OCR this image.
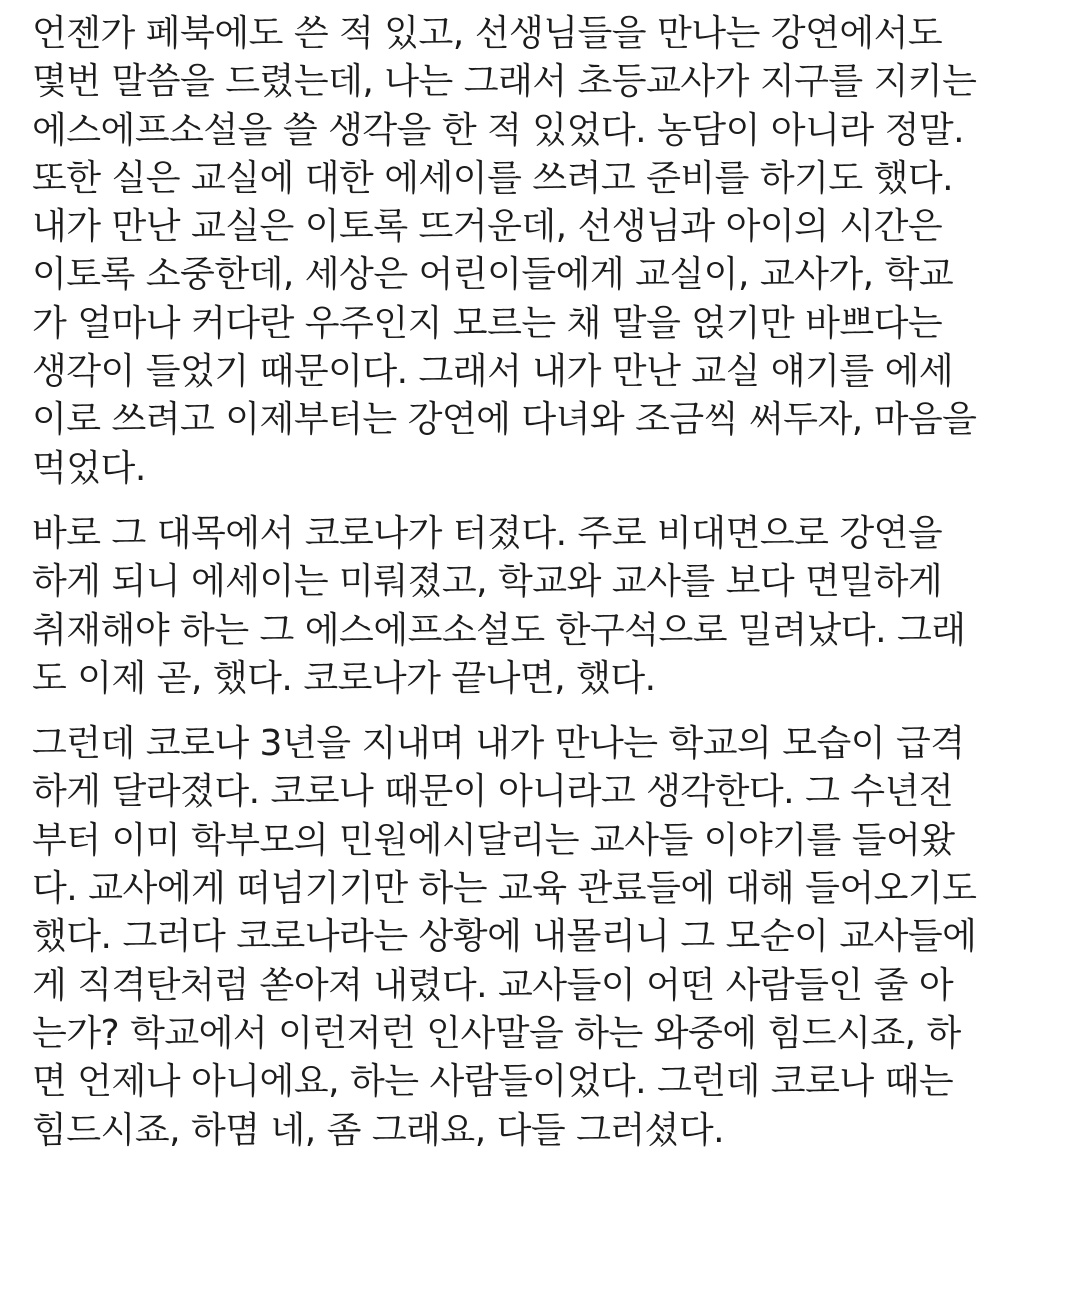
언젠가 페북에도 쓴 적 있고, 선생님들을 만나는 강연에서도
몇번 말씀을 드렸는데, 나는 그래서 초등교사가 지구를 지키는
에스에프소설을 쓸 생각을 한 적 있었다. 농담이 아니라 정말.
또한 실은 교실에 대한 에세이를 쓰려고 준비를 하기도 했다.
내가 만난 교실은 이토록 뜨거운데, 선생님과 아이의 시간은
이토록 소중한데, 세상은 어린이들에게 교실이, 교사가, 학교
가 얼마나 커다란 우주인지 모르는 채 말을 얹기만 바쁘다는
생각이 들었기 때문이다. 그래서 내가 만난 교실 얘기를 에세
이로 쓰려고 이제부터는 강연에 다녀와 조금씩 써두자, 마음을
먹었다.
바로 그 대목에서 코로나가 터졌다. 주로 비대면으로 강연을
하게 되니 에세이는 미뤄졌고, 학교와 교사를 보다 면밀하게
취재해야 하는 그 에스에프소설도 한구석으로 밀려났다. 그래
도 이제 곧, 했다. 코로나가 끝나면, 했다.
그런데 코로나 3년을 지내며 내가 만나는 학교의 모습이 급격
하게 달라졌다. 코로나 때문이 아니라고 생각한다. 그 수년전
부터 이미 학부모의 민원에시달리는 교사들 이야기를 들어왔
다. 교사에게 떠넘기기만 하는 교육 관료들에 대해 들어오기도
했다. 그러다 코로나라는 상황에 내몰리니 그 모순이 교사들에
게 직격탄처럼 쏟아져 내렸다. 교사들이 어떤 사람들인 줄 아
는가? 학교에서 이런저런 인사말을 하는 와중에 힘드시죠, 하
면 언제나 아니에요, 하는 사람들이었다. 그런데 코로나 때는
힘드시죠, 하몀 네, 좀 그래요, 다들 그러셨다.
